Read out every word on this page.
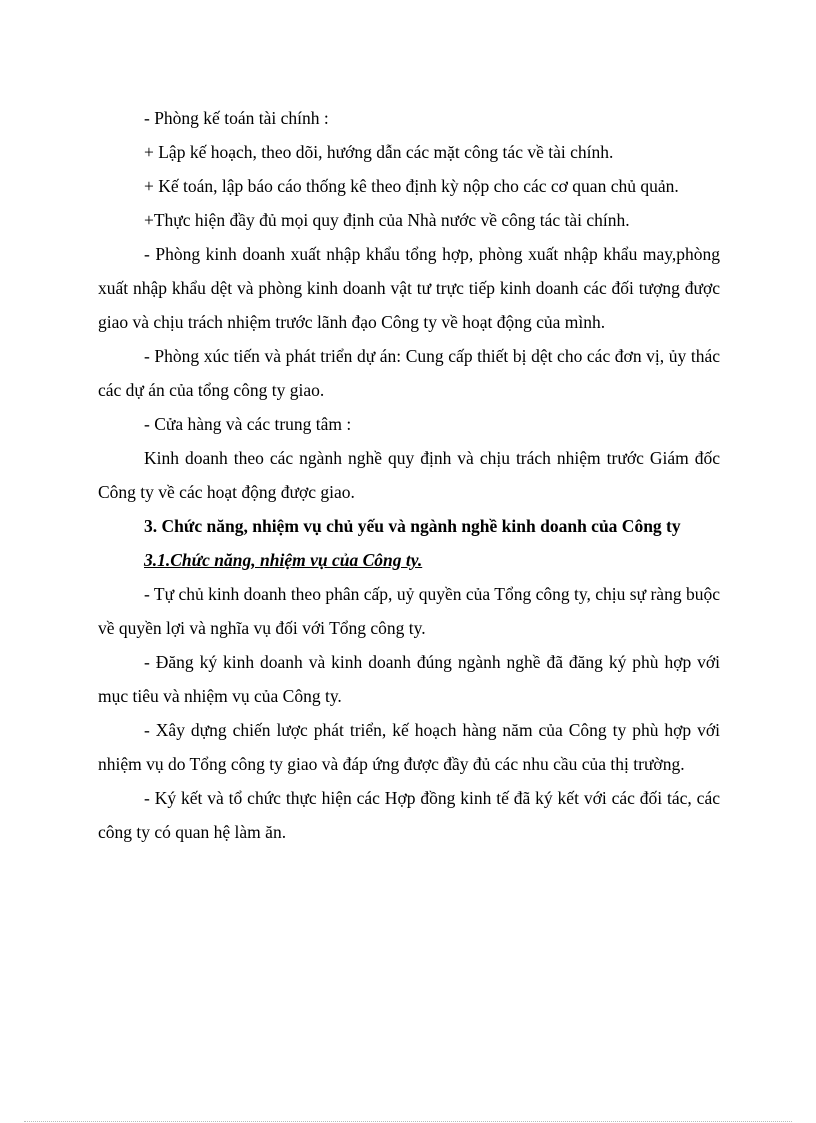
- Phòng kế toán tài chính :

+ Lập kế hoạch, theo dõi, hướng dẫn các mặt công tác về tài chính.

+ Kế toán, lập báo cáo thống kê theo định kỳ nộp cho các cơ quan chủ quản.

+Thực hiện đầy đủ mọi quy định của Nhà nước về công tác tài chính.

- Phòng kinh doanh xuất nhập khẩu tổng hợp, phòng xuất nhập khẩu may,phòng xuất nhập khẩu dệt và phòng kinh doanh vật tư trực tiếp kinh doanh các đối tượng được giao và chịu trách nhiệm trước lãnh đạo Công ty về hoạt động của mình.

- Phòng xúc tiến và phát triển dự án: Cung cấp thiết bị dệt cho các đơn vị, ủy thác các dự án của tổng công ty giao.

- Cửa hàng và các trung tâm :

Kinh doanh theo các ngành nghề quy định và chịu trách nhiệm trước Giám đốc Công ty về các hoạt động được giao.

3. Chức năng, nhiệm vụ chủ yếu và ngành nghề kinh doanh của Công ty

3.1.Chức năng, nhiệm vụ của Công ty.

- Tự chủ kinh doanh theo phân cấp, uỷ quyền của Tổng công ty, chịu sự ràng buộc về quyền lợi và nghĩa vụ đối với Tổng công ty.

- Đăng ký kinh doanh và kinh doanh đúng ngành nghề đã đăng ký phù hợp với mục tiêu và nhiệm vụ của Công ty.

- Xây dựng chiến lược phát triển, kế hoạch hàng năm của Công ty phù hợp với nhiệm vụ do Tổng công ty giao và đáp ứng được đầy đủ các nhu cầu của thị trường.

- Ký kết và tổ chức thực hiện các Hợp đồng kinh tế đã ký kết với các đối tác, các công ty có quan hệ làm ăn.
